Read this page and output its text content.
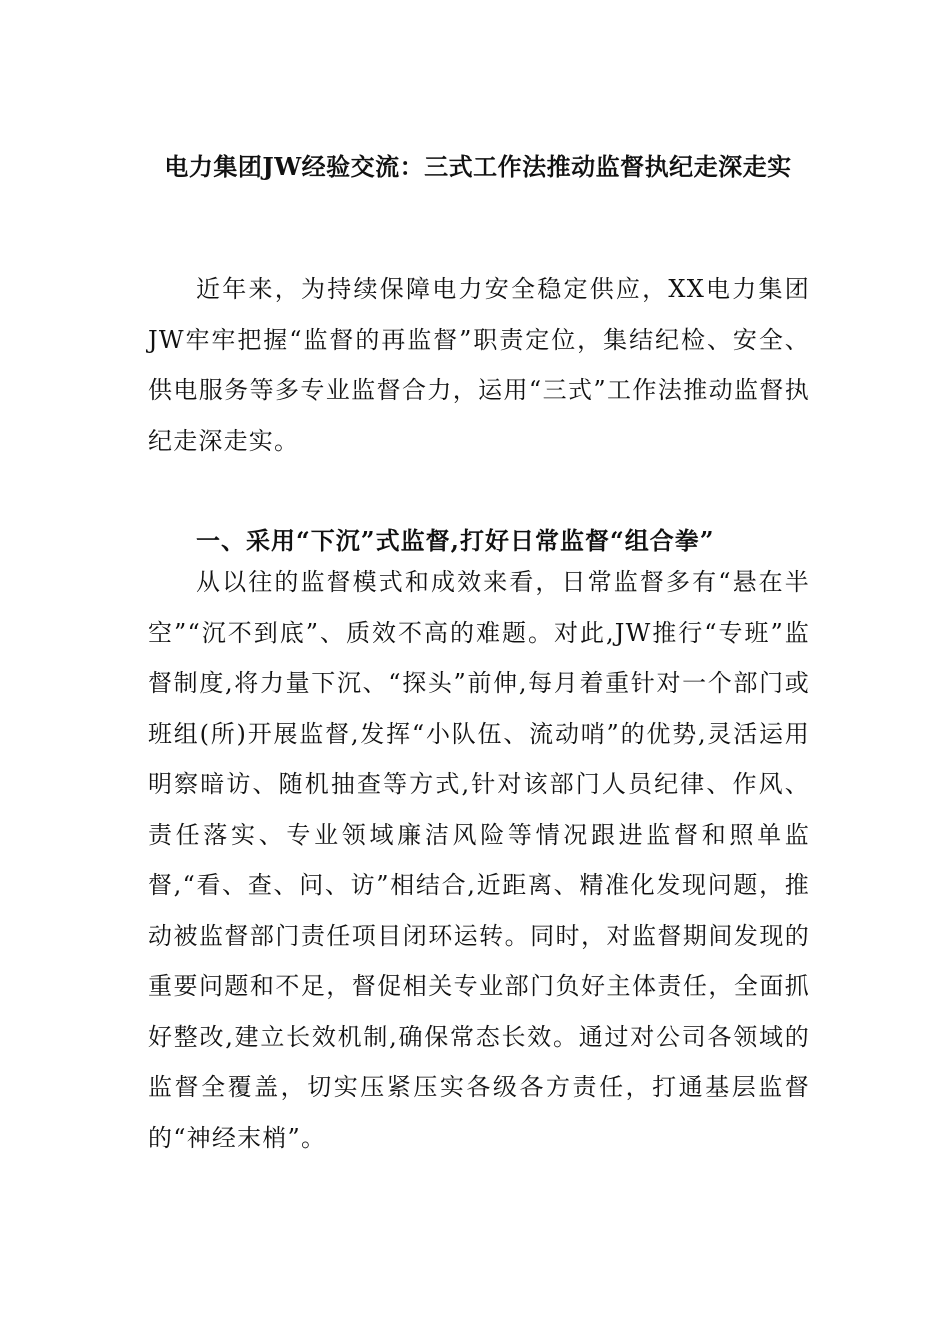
电力集团JW经验交流：三式工作法推动监督执纪走深走实

近年来，为持续保障电力安全稳定供应，XX电力集团JW牢牢把握“监督的再监督”职责定位，集结纪检、安全、供电服务等多专业监督合力，运用“三式”工作法推动监督执纪走深走实。

一、采用“下沉”式监督,打好日常监督“组合拳”

从以往的监督模式和成效来看，日常监督多有“悬在半空”“沉不到底”、质效不高的难题。对此,JW推行“专班”监督制度,将力量下沉、“探头”前伸,每月着重针对一个部门或班组(所)开展监督,发挥“小队伍、流动哨”的优势,灵活运用明察暗访、随机抽查等方式,针对该部门人员纪律、作风、责任落实、专业领域廉洁风险等情况跟进监督和照单监督,“看、查、问、访”相结合,近距离、精准化发现问题，推动被监督部门责任项目闭环运转。同时，对监督期间发现的重要问题和不足，督促相关专业部门负好主体责任，全面抓好整改,建立长效机制,确保常态长效。通过对公司各领域的监督全覆盖，切实压紧压实各级各方责任，打通基层监督的“神经末梢”。
